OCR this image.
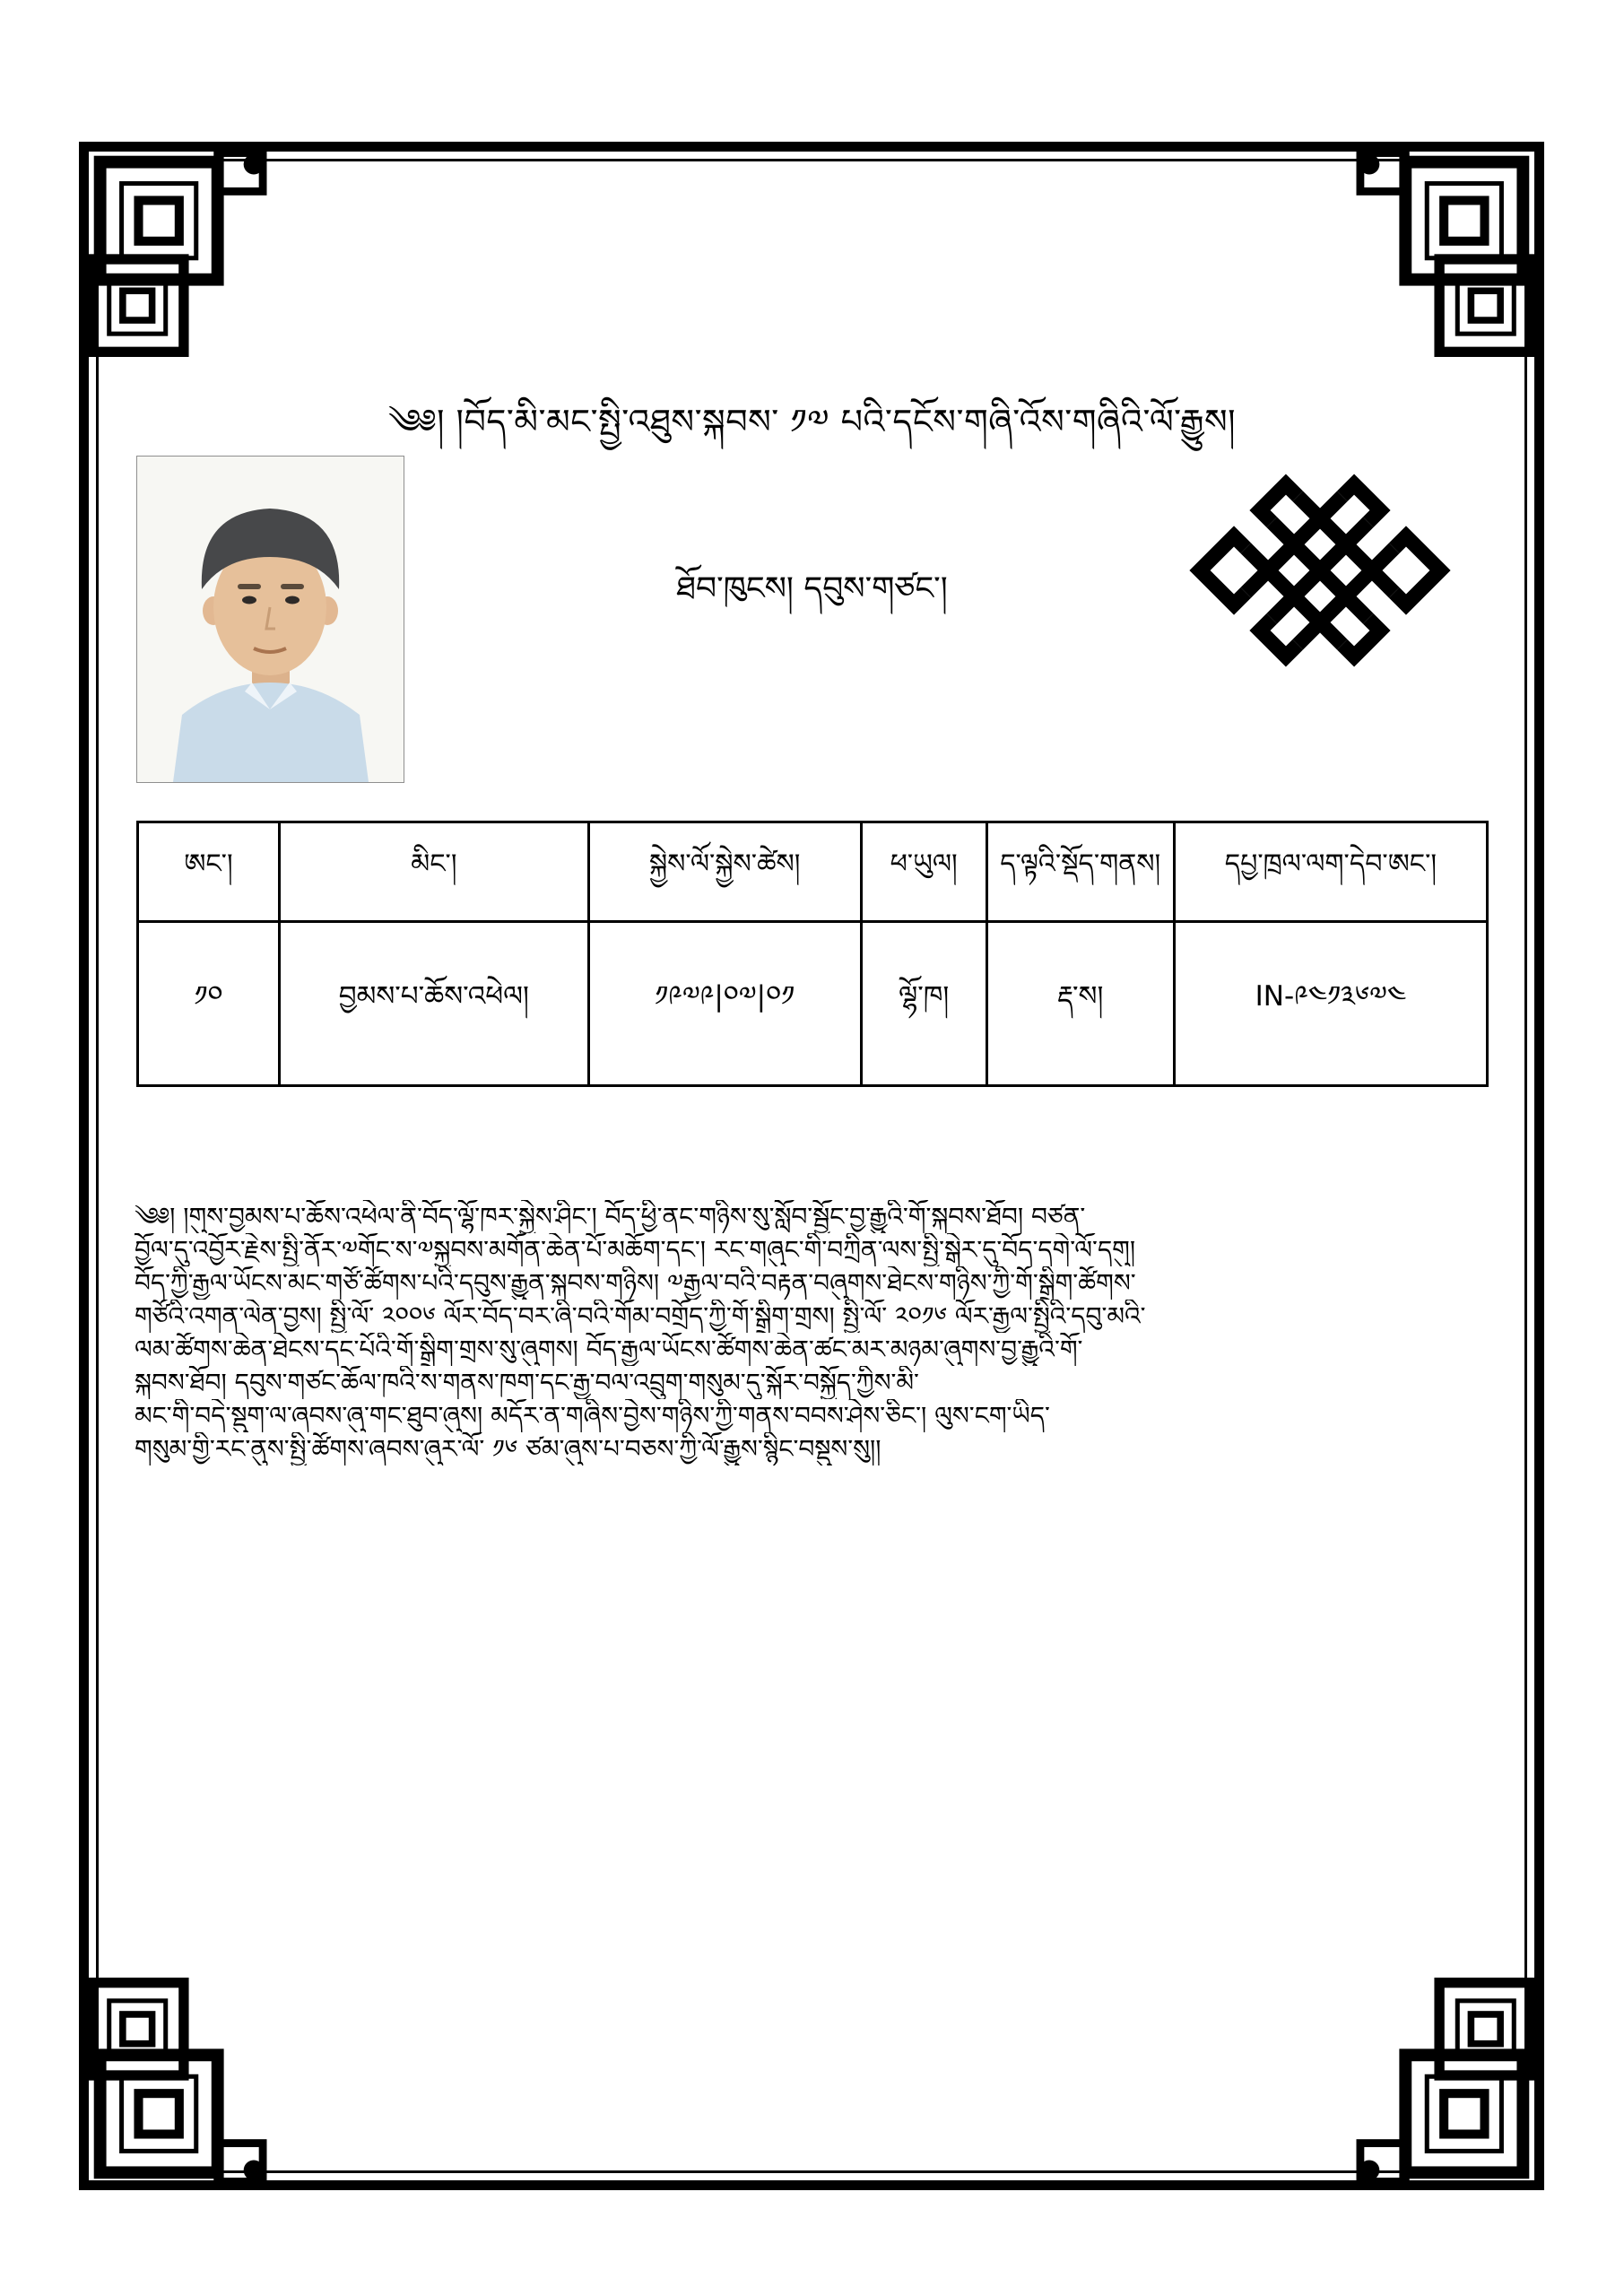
༄༅། །བོད་མི་མང་སྤྱི་འཐུས་སྐབས་ ༡༧ པའི་དངོས་གཞི་འོས་གཞིའི་ལོ་རྒྱུས།
ཐོབ་ཁུངས། དབུས་གཙང་།
ཨང་།	མིང་།	སྐྱེས་ལོ་སྐྱེས་ཚེས།	ཕ་ཡུལ།	ད་ལྟའི་སྡོད་གནས།	དཔྱ་ཁྲལ་ལག་དེབ་ཨང་།
༡༠	བྱམས་པ་ཆོས་འཕེལ།	༡༩༧༩|༠༧|༠༡	ལྷོ་ཁ།	རྡ་ས།	IN-༩༤༡༣༦༧༤
༄༅། །གུས་བྱམས་པ་ཆོས་འཕེལ་ནི་བོད་ལྷོ་ཁར་སྐྱེས་ཤིང་། བོད་ཕྱི་ནང་གཉིས་སུ་སློབ་སྦྱོང་བྱ་རྒྱུའི་གོ་སྐབས་ཐོབ། བཙན་
བྱོལ་དུ་འབྱོར་རྗེས་སྤྱི་ནོར་༧གོང་ས་༧སྐྱབས་མགོན་ཆེན་པོ་མཆོག་དང་། རང་གཞུང་གི་བཀྲིན་ལས་སྤྱི་སྒེར་དུ་བོད་དགེ་ལོ་དགུ།
བོད་ཀྱི་རྒྱལ་ཡོངས་མང་གཙོ་ཚོགས་པའི་དབུས་རྒྱུན་སྐབས་གཉིས། ༧རྒྱལ་བའི་བརྟན་བཞུགས་ཐེངས་གཉིས་ཀྱི་གོ་སྒྲིག་ཚོགས་
གཙོའི་འགན་ལེན་བྱས། སྤྱི་ལོ་ ༢༠༠༦ ལོར་བོད་བར་ཞི་བའི་གོམ་བགྲོད་ཀྱི་གོ་སྒྲིག་གྲས། སྤྱི་ལོ་ ༢༠༡༦ ལོར་རྒྱལ་སྤྱིའི་དབུ་མའི་
ལམ་ཚོགས་ཆེན་ཐེངས་དང་པོའི་གོ་སྒྲིག་གྲས་སུ་ཞུགས། བོད་རྒྱལ་ཡོངས་ཚོགས་ཆེན་ཚང་མར་མཉམ་ཞུགས་བྱ་རྒྱུའི་གོ་
སྐབས་ཐོབ། དབུས་གཙང་ཆོལ་ཁའི་ས་གནས་ཁག་དང་རྒྱ་བལ་འབྲུག་གསུམ་དུ་སྐོར་བསྐྱོད་ཀྱིས་མི་
མང་གི་བདེ་སྡུག་ལ་ཞབས་ཞུ་གང་ཐུབ་ཞུས། མདོར་ན་གཞིས་བྱེས་གཉིས་ཀྱི་གནས་བབས་ཤེས་ཅིང་། ལུས་ངག་ཡིད་
གསུམ་གྱི་རང་ནུས་སྤྱི་ཚོགས་ཞབས་ཞུར་ལོ་ ༡༦ ཙམ་ཞུས་པ་བཅས་ཀྱི་ལོ་རྒྱུས་སྙིང་བསྡུས་སུ།།
